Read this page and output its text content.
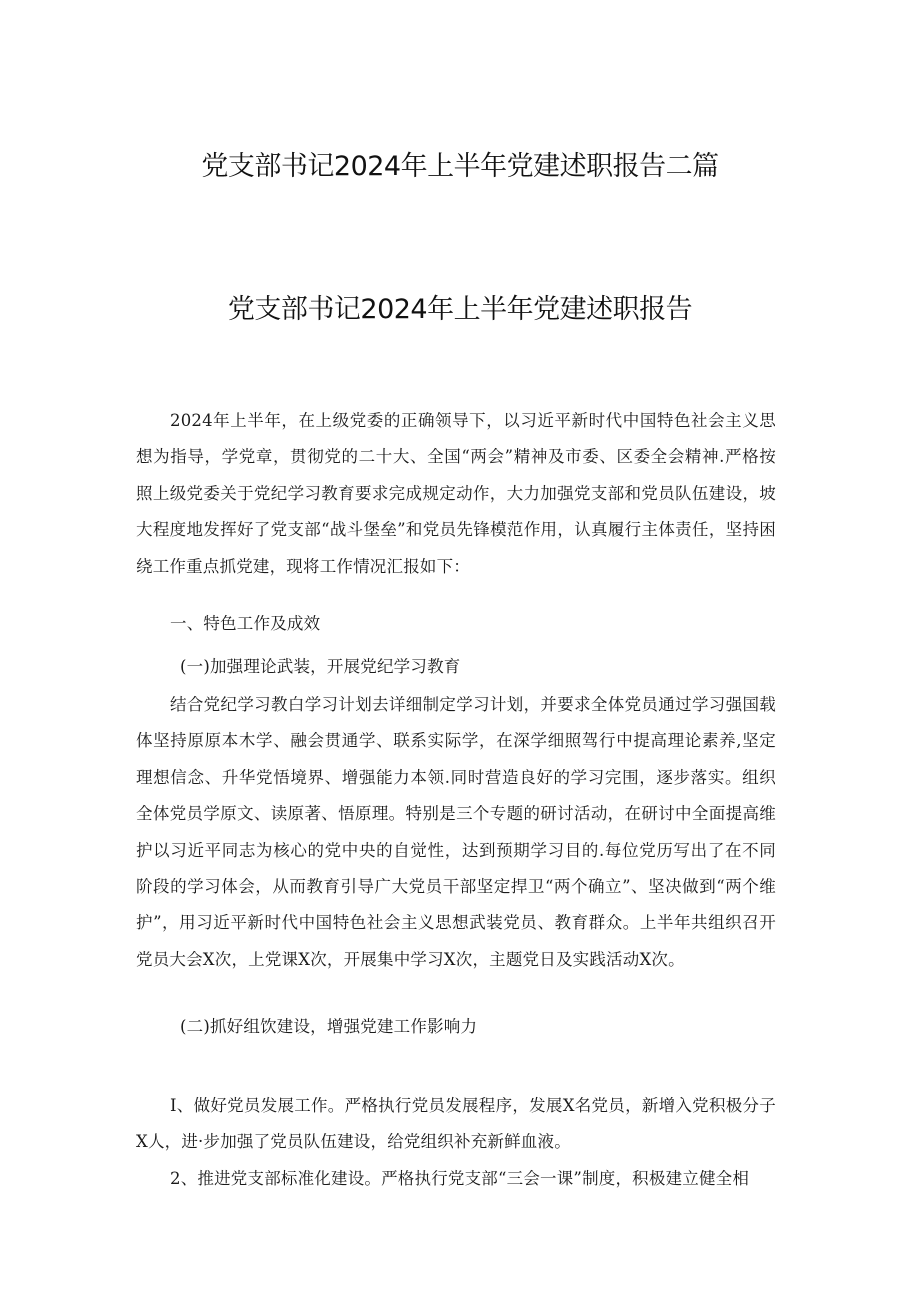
党支部书记2024年上半年党建述职报告二篇
党支部书记2024年上半年党建述职报告

2024年上半年，在上级党委的正确领导下，以习近平新时代中国特色社会主义思想为指导，学党章，贯彻党的二十大、全国“两会”精神及市委、区委全会精神.严格按照上级党委关于党纪学习教育要求完成规定动作，大力加强党支部和党员队伍建设，坡大程度地发挥好了党支部“战斗堡垒”和党员先锋模范作用，认真履行主体责任，坚持困绕工作重点抓党建，现将工作情况汇报如下：

一、特色工作及成效

(一)加强理论武装，开展党纪学习教育

结合党纪学习教白学习计划去详细制定学习计划，并要求全体党员通过学习强国载体坚持原原本木学、融会贯通学、联系实际学，在深学细照驾行中提高理论素养,坚定理想信念、升华党悟境界、增强能力本领.同时营造良好的学习完围，逐步落实。组织全体党员学原文、读原著、悟原理。特别是三个专题的研讨活动，在研讨中全面提高维护以习近平同志为核心的党中央的自觉性，达到预期学习目的.每位党历写出了在不同阶段的学习体会，从而教育引导广大党员干部坚定捍卫“两个确立”、坚决做到“两个维护”，用习近平新时代中国特色社会主义思想武装党员、教育群众。上半年共组织召开党员大会X次，上党课X次，开展集中学习X次，主题党日及实践活动X次。

(二)抓好组饮建设，增强党建工作影响力

I、做好党员发展工作。严格执行党员发展程序，发展X名党员，新增入党积极分子X人，进·步加强了党员队伍建设，给党组织补充新鲜血液。

2、推进党支部标准化建设。严格执行党支部“三会一课”制度，积极建立健全相
